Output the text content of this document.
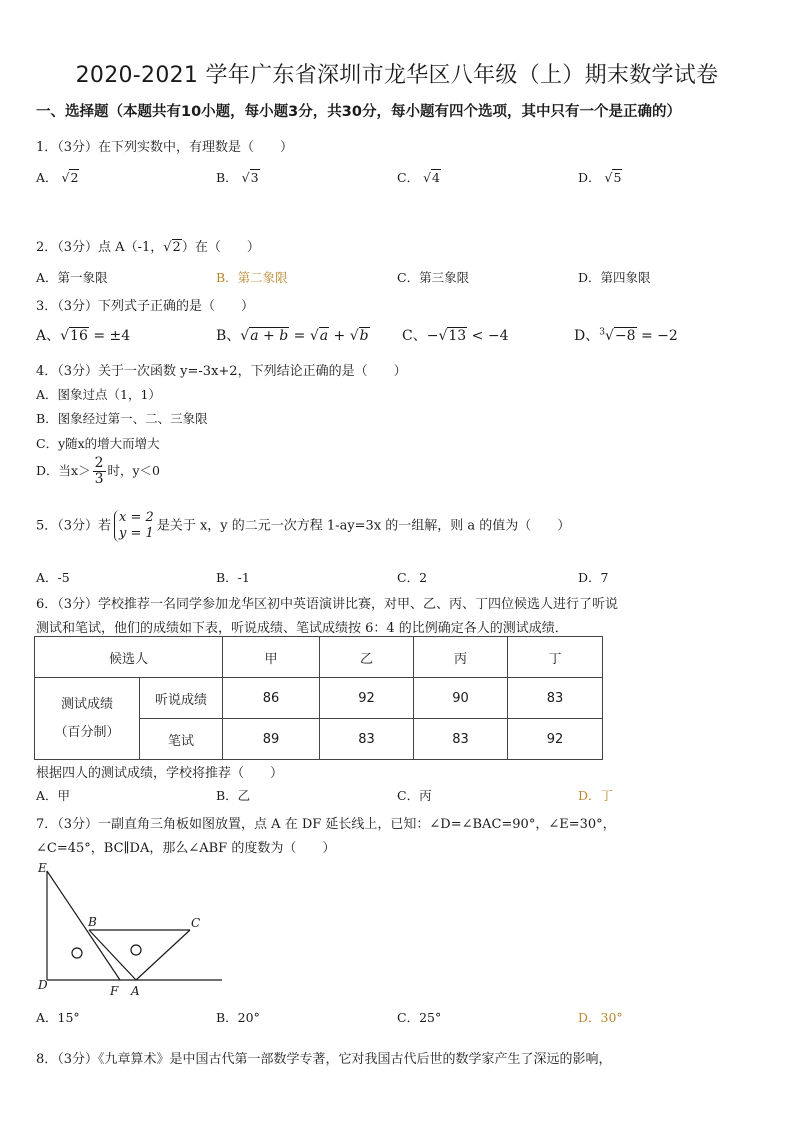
2020-2021 学年广东省深圳市龙华区八年级（上）期末数学试卷
一、选择题（本题共有10小题，每小题3分，共30分，每小题有四个选项，其中只有一个是正确的）
1．（3分）在下列实数中，有理数是（　　）
A． √2	B． √3	C． √4	D． √5
2．（3分）点 A（-1，√2）在（　　）
A．第一象限	B．第二象限	C．第三象限	D．第四象限
3．（3分）下列式子正确的是（　　）
A、√16 = ±4	B、√a + b = √a + √b C、−√13 < −4	D、$^3$√−8 = −2
4．（3分）关于一次函数 y=-3x+2，下列结论正确的是（　　）
A．图象过点（1，1）
B．图象经过第一、二、三象限
C．y随x的增大而增大
D．当$x> \frac{2}{3}$ 时，y＜0
5．（3分）若
x = 2
y = 1 是关于 x，y 的二元一次方程 1-ay=3x 的一组解，则 a 的值为（　　）
A．-5	B．-1	C．2	D．7
6．（3分）学校推荐一名同学参加龙华区初中英语演讲比赛，对甲、乙、丙、丁四位候选人进行了听说
测试和笔试，他们的成绩如下表，听说成绩、笔试成绩按 6：4 的比例确定各人的测试成绩．
候选人		甲	乙	丙	丁

测试成绩
（百分制）	听说成绩	86	92	90	83
	笔试	89	83	83	92
根据四人的测试成绩，学校将推荐（　　）
A．甲	B．乙	C．丙	D．丁
7．（3分）一副直角三角板如图放置，点 A 在 DF 延长线上，已知：∠D=∠BAC=90°，∠E=30°，
∠C=45°，BC∥DA，那么∠ABF 的度数为（　　）
E
B	C
D	F A
A．15°	B．20°	C．25°	D．30°
8．（3分）《九章算术》是中国古代第一部数学专著，它对我国古代后世的数学家产生了深远的影响，
